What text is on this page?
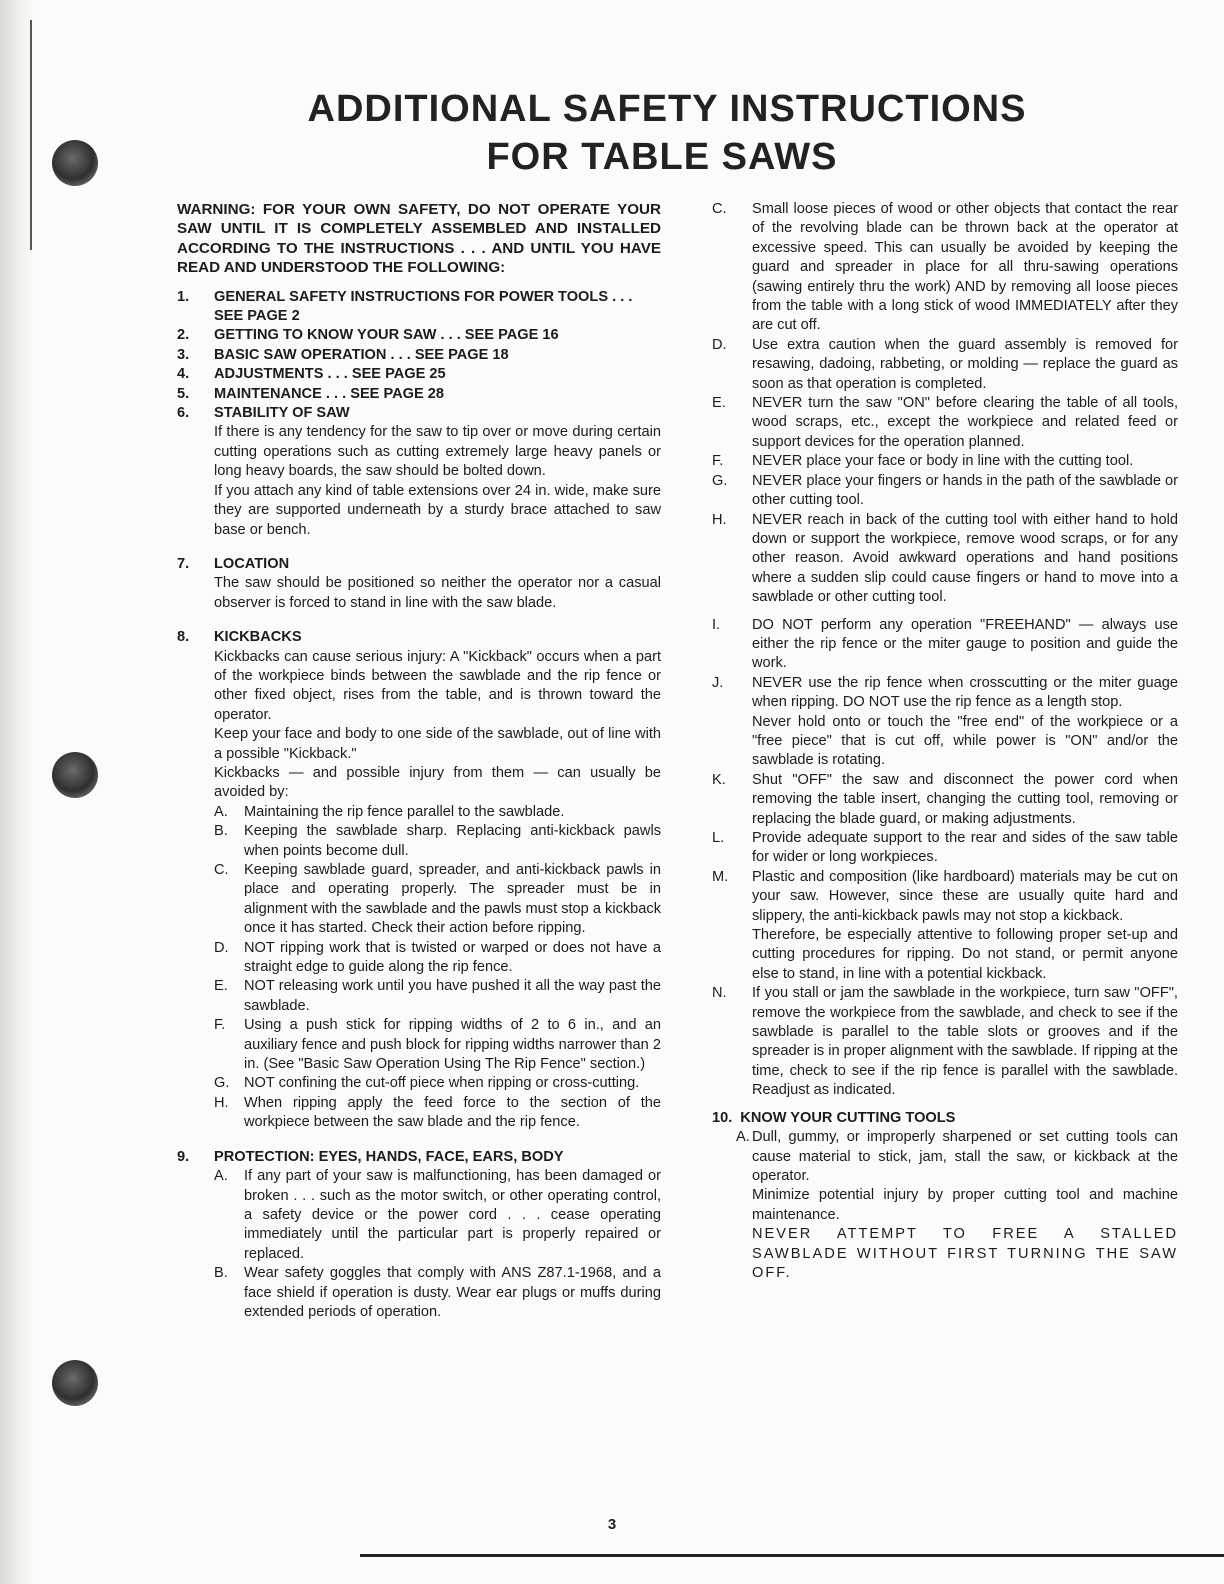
ADDITIONAL SAFETY INSTRUCTIONS
FOR TABLE SAWS

WARNING: FOR YOUR OWN SAFETY, DO NOT OPERATE YOUR SAW UNTIL IT IS COMPLETELY ASSEMBLED AND INSTALLED ACCORDING TO THE INSTRUCTIONS . . . AND UNTIL YOU HAVE READ AND UNDERSTOOD THE FOLLOWING:

1.	GENERAL SAFETY INSTRUCTIONS FOR POWER TOOLS . . . SEE PAGE 2
2.	GETTING TO KNOW YOUR SAW . . . SEE PAGE 16
3.	BASIC SAW OPERATION . . . SEE PAGE 18
4.	ADJUSTMENTS . . . SEE PAGE 25
5.	MAINTENANCE . . . SEE PAGE 28
6.	STABILITY OF SAW

If there is any tendency for the saw to tip over or move during certain cutting operations such as cutting extremely large heavy panels or long heavy boards, the saw should be bolted down.

If you attach any kind of table extensions over 24 in. wide, make sure they are supported underneath by a sturdy brace attached to saw base or bench.

7.	LOCATION

The saw should be positioned so neither the operator nor a casual observer is forced to stand in line with the saw blade.

8.	KICKBACKS

Kickbacks can cause serious injury: A "Kickback" occurs when a part of the workpiece binds between the sawblade and the rip fence or other fixed object, rises from the table, and is thrown toward the operator.

Keep your face and body to one side of the sawblade, out of line with a possible "Kickback."

Kickbacks — and possible injury from them — can usually be avoided by:

A.	Maintaining the rip fence parallel to the sawblade.
B.	Keeping the sawblade sharp. Replacing anti-kickback pawls when points become dull.
C.	Keeping sawblade guard, spreader, and anti-kickback pawls in place and operating properly. The spreader must be in alignment with the sawblade and the pawls must stop a kickback once it has started. Check their action before ripping.
D.	NOT ripping work that is twisted or warped or does not have a straight edge to guide along the rip fence.
E.	NOT releasing work until you have pushed it all the way past the sawblade.
F.	Using a push stick for ripping widths of 2 to 6 in., and an auxiliary fence and push block for ripping widths narrower than 2 in. (See "Basic Saw Operation Using The Rip Fence" section.)
G. NOT confining the cut-off piece when ripping or cross-cutting.
H.	When ripping apply the feed force to the section of the workpiece between the saw blade and the rip fence.
9.	PROTECTION: EYES, HANDS, FACE, EARS, BODY
A.	If any part of your saw is malfunctioning, has been damaged or broken . . . such as the motor switch, or other operating control, a safety device or the power cord . . . cease operating immediately until the particular part is properly repaired or replaced.
B.	Wear safety goggles that comply with ANS Z87.1-1968, and a face shield if operation is dusty. Wear ear plugs or muffs during extended periods of operation.
C.	Small loose pieces of wood or other objects that contact the rear of the revolving blade can be thrown back at the operator at excessive speed. This can usually be avoided by keeping the guard and spreader in place for all thru-sawing operations (sawing entirely thru the work) AND by removing all loose pieces from the table with a long stick of wood IMMEDIATELY after they are cut off.
D.	Use extra caution when the guard assembly is removed for resawing, dadoing, rabbeting, or molding — replace the guard as soon as that operation is completed.
E.	NEVER turn the saw "ON" before clearing the table of all tools, wood scraps, etc., except the workpiece and related feed or support devices for the operation planned.
F.	NEVER place your face or body in line with the cutting tool.
G.	NEVER place your fingers or hands in the path of the sawblade or other cutting tool.
H.	NEVER reach in back of the cutting tool with either hand to hold down or support the workpiece, remove wood scraps, or for any other reason. Avoid awkward operations and hand positions where a sudden slip could cause fingers or hand to move into a sawblade or other cutting tool.
I.	DO NOT perform any operation "FREEHAND" — always use either the rip fence or the miter gauge to position and guide the work.
J.	NEVER use the rip fence when crosscutting or the miter guage when ripping. DO NOT use the rip fence as a length stop.

Never hold onto or touch the "free end" of the workpiece or a "free piece" that is cut off, while power is "ON" and/or the sawblade is rotating.

K.	Shut "OFF" the saw and disconnect the power cord when removing the table insert, changing the cutting tool, removing or replacing the blade guard, or making adjustments.
L.	Provide adequate support to the rear and sides of the saw table for wider or long workpieces.
M.	Plastic and composition (like hardboard) materials may be cut on your saw. However, since these are usually quite hard and slippery, the anti-kickback pawls may not stop a kickback.

Therefore, be especially attentive to following proper set-up and cutting procedures for ripping. Do not stand, or permit anyone else to stand, in line with a potential kickback.

N.	If you stall or jam the sawblade in the workpiece, turn saw "OFF", remove the workpiece from the sawblade, and check to see if the sawblade is parallel to the table slots or grooves and if the spreader is in proper alignment with the sawblade. If ripping at the time, check to see if the rip fence is parallel with the sawblade. Readjust as indicated.
10. KNOW YOUR CUTTING TOOLS
A. Dull, gummy, or improperly sharpened or set cutting tools can cause material to stick, jam, stall the saw, or kickback at the operator.

Minimize potential injury by proper cutting tool and machine maintenance.

NEVER ATTEMPT TO FREE A STALLED SAWBLADE WITHOUT FIRST TURNING THE SAW OFF.

3
